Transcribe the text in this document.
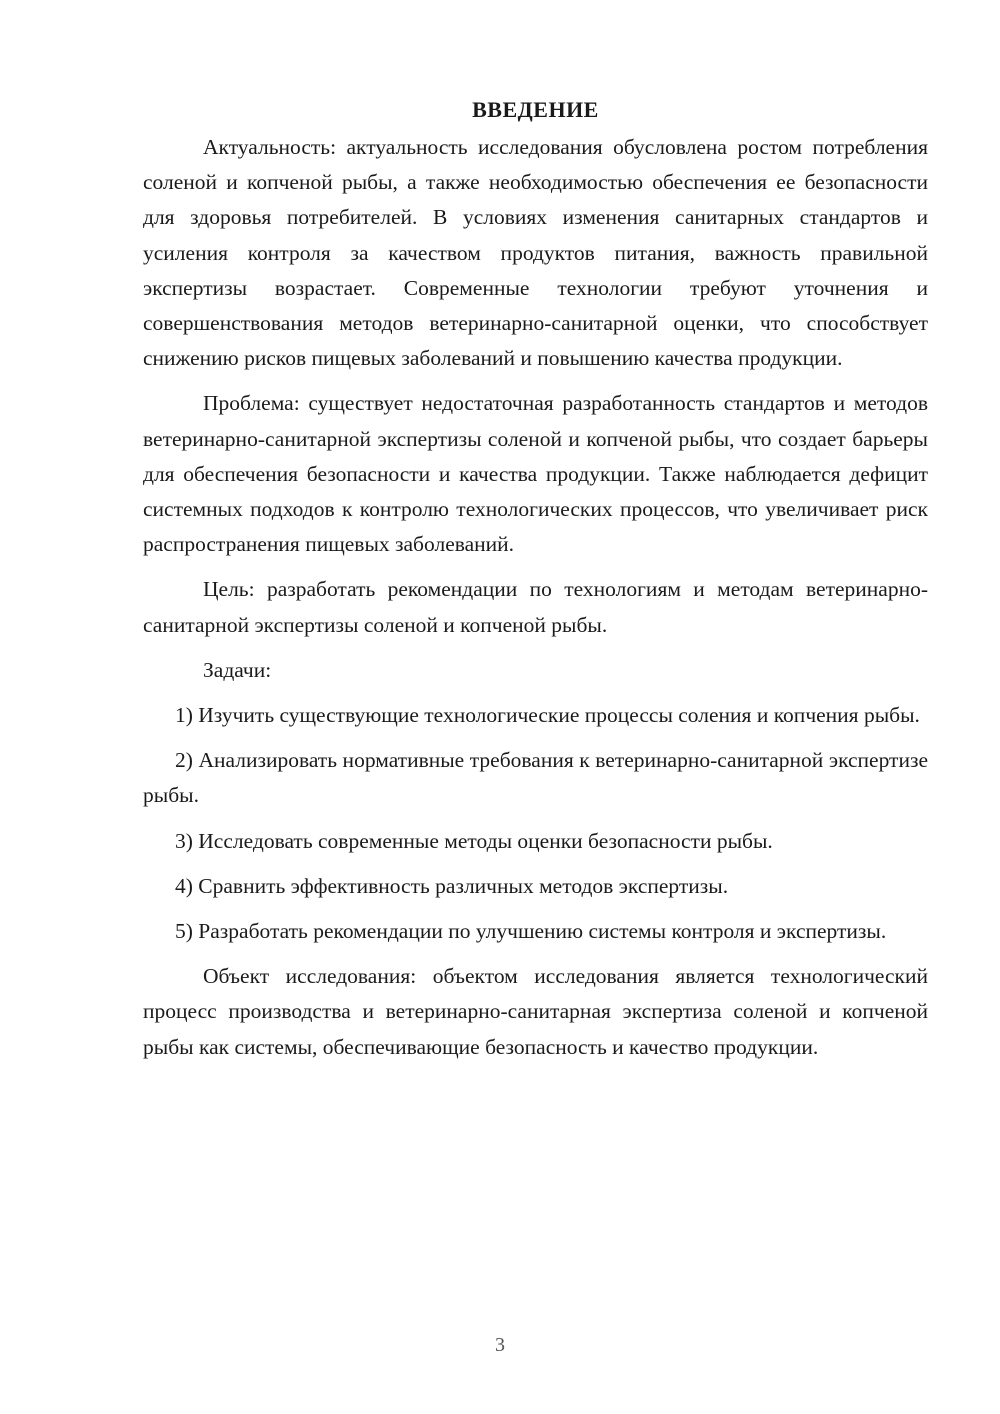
ВВЕДЕНИЕ

Актуальность: актуальность исследования обусловлена ростом потребления соленой и копченой рыбы, а также необходимостью обеспечения ее безопасности для здоровья потребителей. В условиях изменения санитарных стандартов и усиления контроля за качеством продуктов питания, важность правильной экспертизы возрастает. Современные технологии требуют уточнения и совершенствования методов ветеринарно-санитарной оценки, что способствует снижению рисков пищевых заболеваний и повышению качества продукции.

Проблема: существует недостаточная разработанность стандартов и методов ветеринарно-санитарной экспертизы соленой и копченой рыбы, что создает барьеры для обеспечения безопасности и качества продукции. Также наблюдается дефицит системных подходов к контролю технологических процессов, что увеличивает риск распространения пищевых заболеваний.

Цель: разработать рекомендации по технологиям и методам ветеринарно-санитарной экспертизы соленой и копченой рыбы.

Задачи:

1) Изучить существующие технологические процессы соления и копчения рыбы.

2) Анализировать нормативные требования к ветеринарно-санитарной экспертизе рыбы.

3) Исследовать современные методы оценки безопасности рыбы.

4) Сравнить эффективность различных методов экспертизы.

5) Разработать рекомендации по улучшению системы контроля и экспертизы.

Объект исследования: объектом исследования является технологический процесс производства и ветеринарно-санитарная экспертиза соленой и копченой рыбы как системы, обеспечивающие безопасность и качество продукции.

3
